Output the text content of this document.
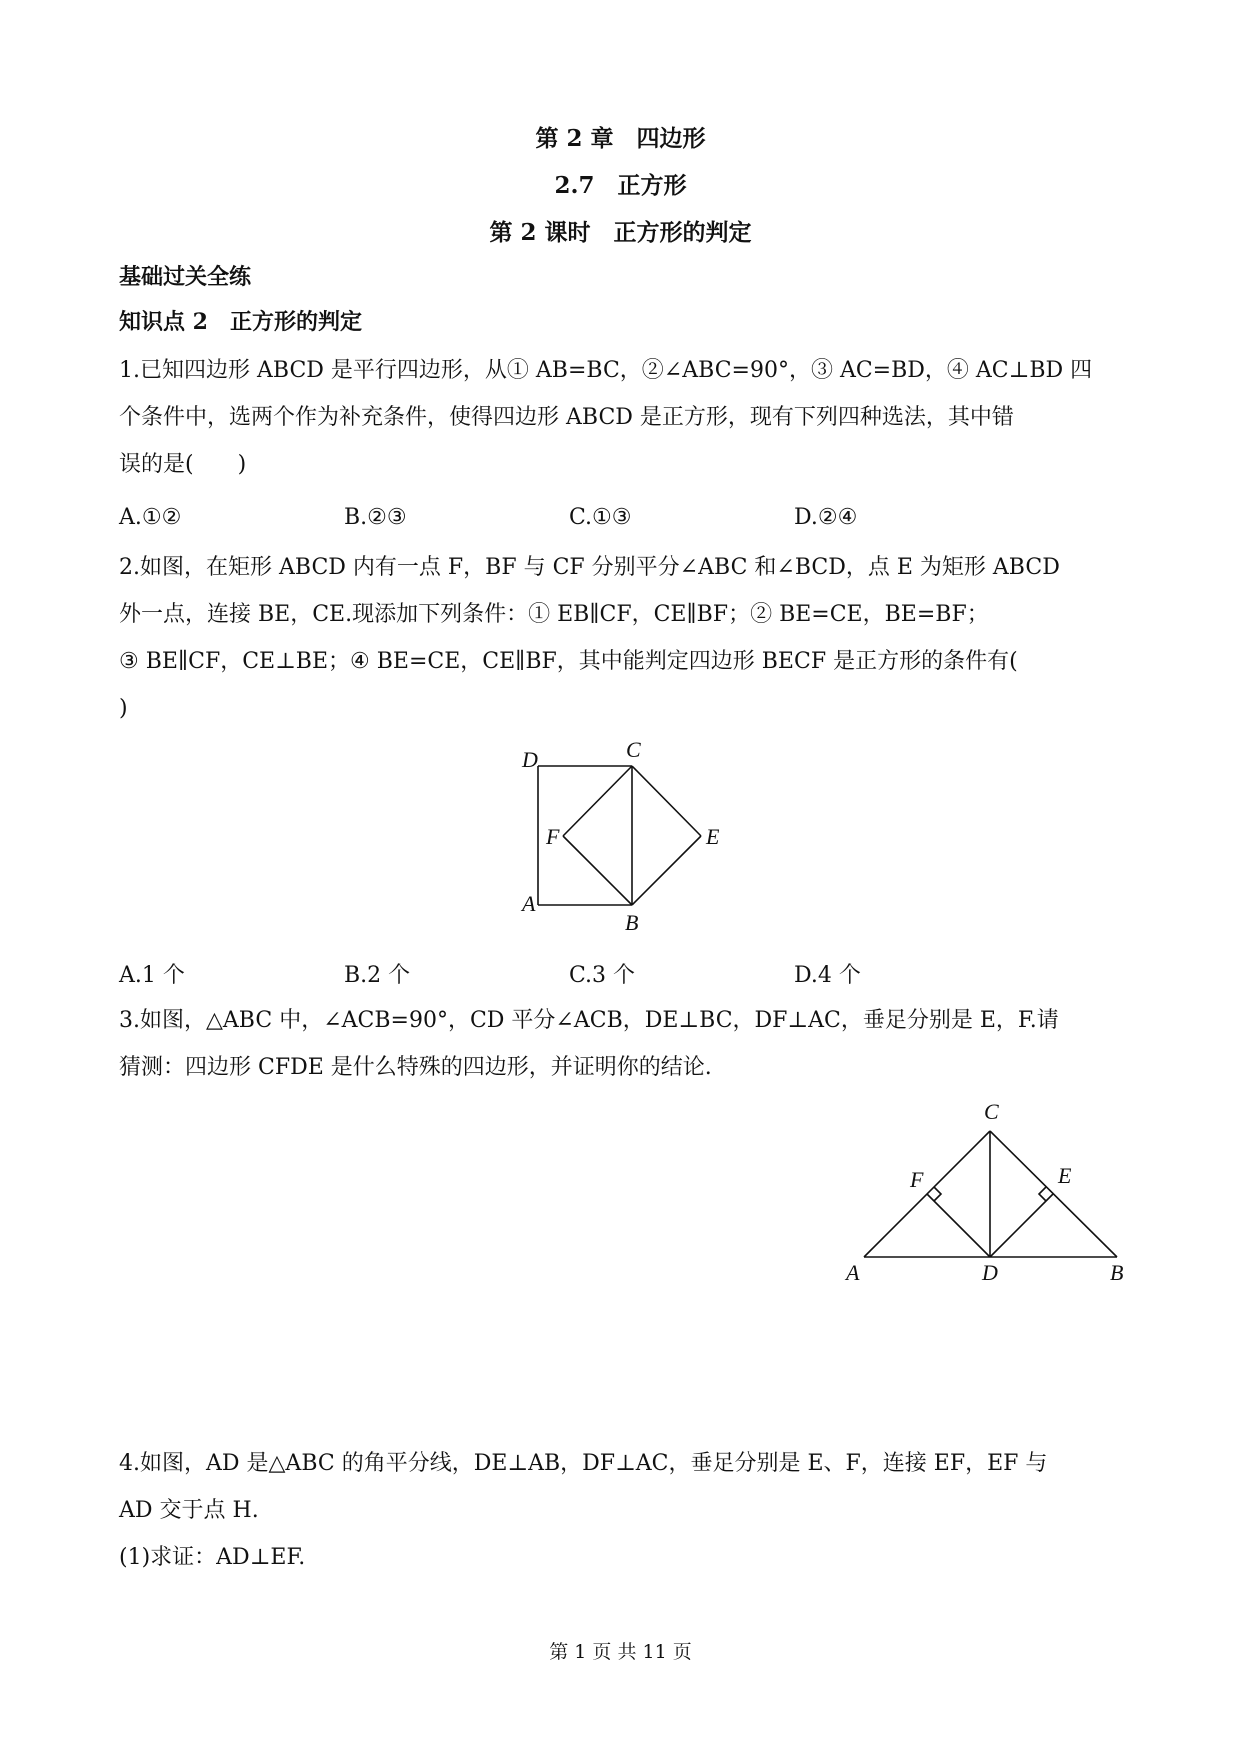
第 2 章　四边形
2.7　正方形
第 2 课时　正方形的判定
基础过关全练
知识点 2　正方形的判定
1.已知四边形 ABCD 是平行四边形，从① AB=BC，②∠ABC=90°，③ AC=BD，④ AC⊥BD 四
个条件中，选两个作为补充条件，使得四边形 ABCD 是正方形，现有下列四种选法，其中错
误的是(　　)
A.①②	B.②③	C.①③	D.②④
2.如图，在矩形 ABCD 内有一点 F，BF 与 CF 分别平分∠ABC 和∠BCD，点 E 为矩形 ABCD
外一点，连接 BE，CE.现添加下列条件：① EB∥CF，CE∥BF；② BE=CE，BE=BF；
③ BE∥CF，CE⊥BE；④ BE=CE，CE∥BF，其中能判定四边形 BECF 是正方形的条件有(
)
D	C
F	E
A
B
A.1 个	B.2 个	C.3 个	D.4 个
3.如图，△ABC 中，∠ACB=90°，CD 平分∠ACB，DE⊥BC，DF⊥AC，垂足分别是 E，F.请
猜测：四边形 CFDE 是什么特殊的四边形，并证明你的结论.
C
F	E
A	D	B
4.如图，AD 是△ABC 的角平分线，DE⊥AB，DF⊥AC，垂足分别是 E、F，连接 EF，EF 与
AD 交于点 H.
(1)求证：AD⊥EF.
第 1 页 共 11 页
